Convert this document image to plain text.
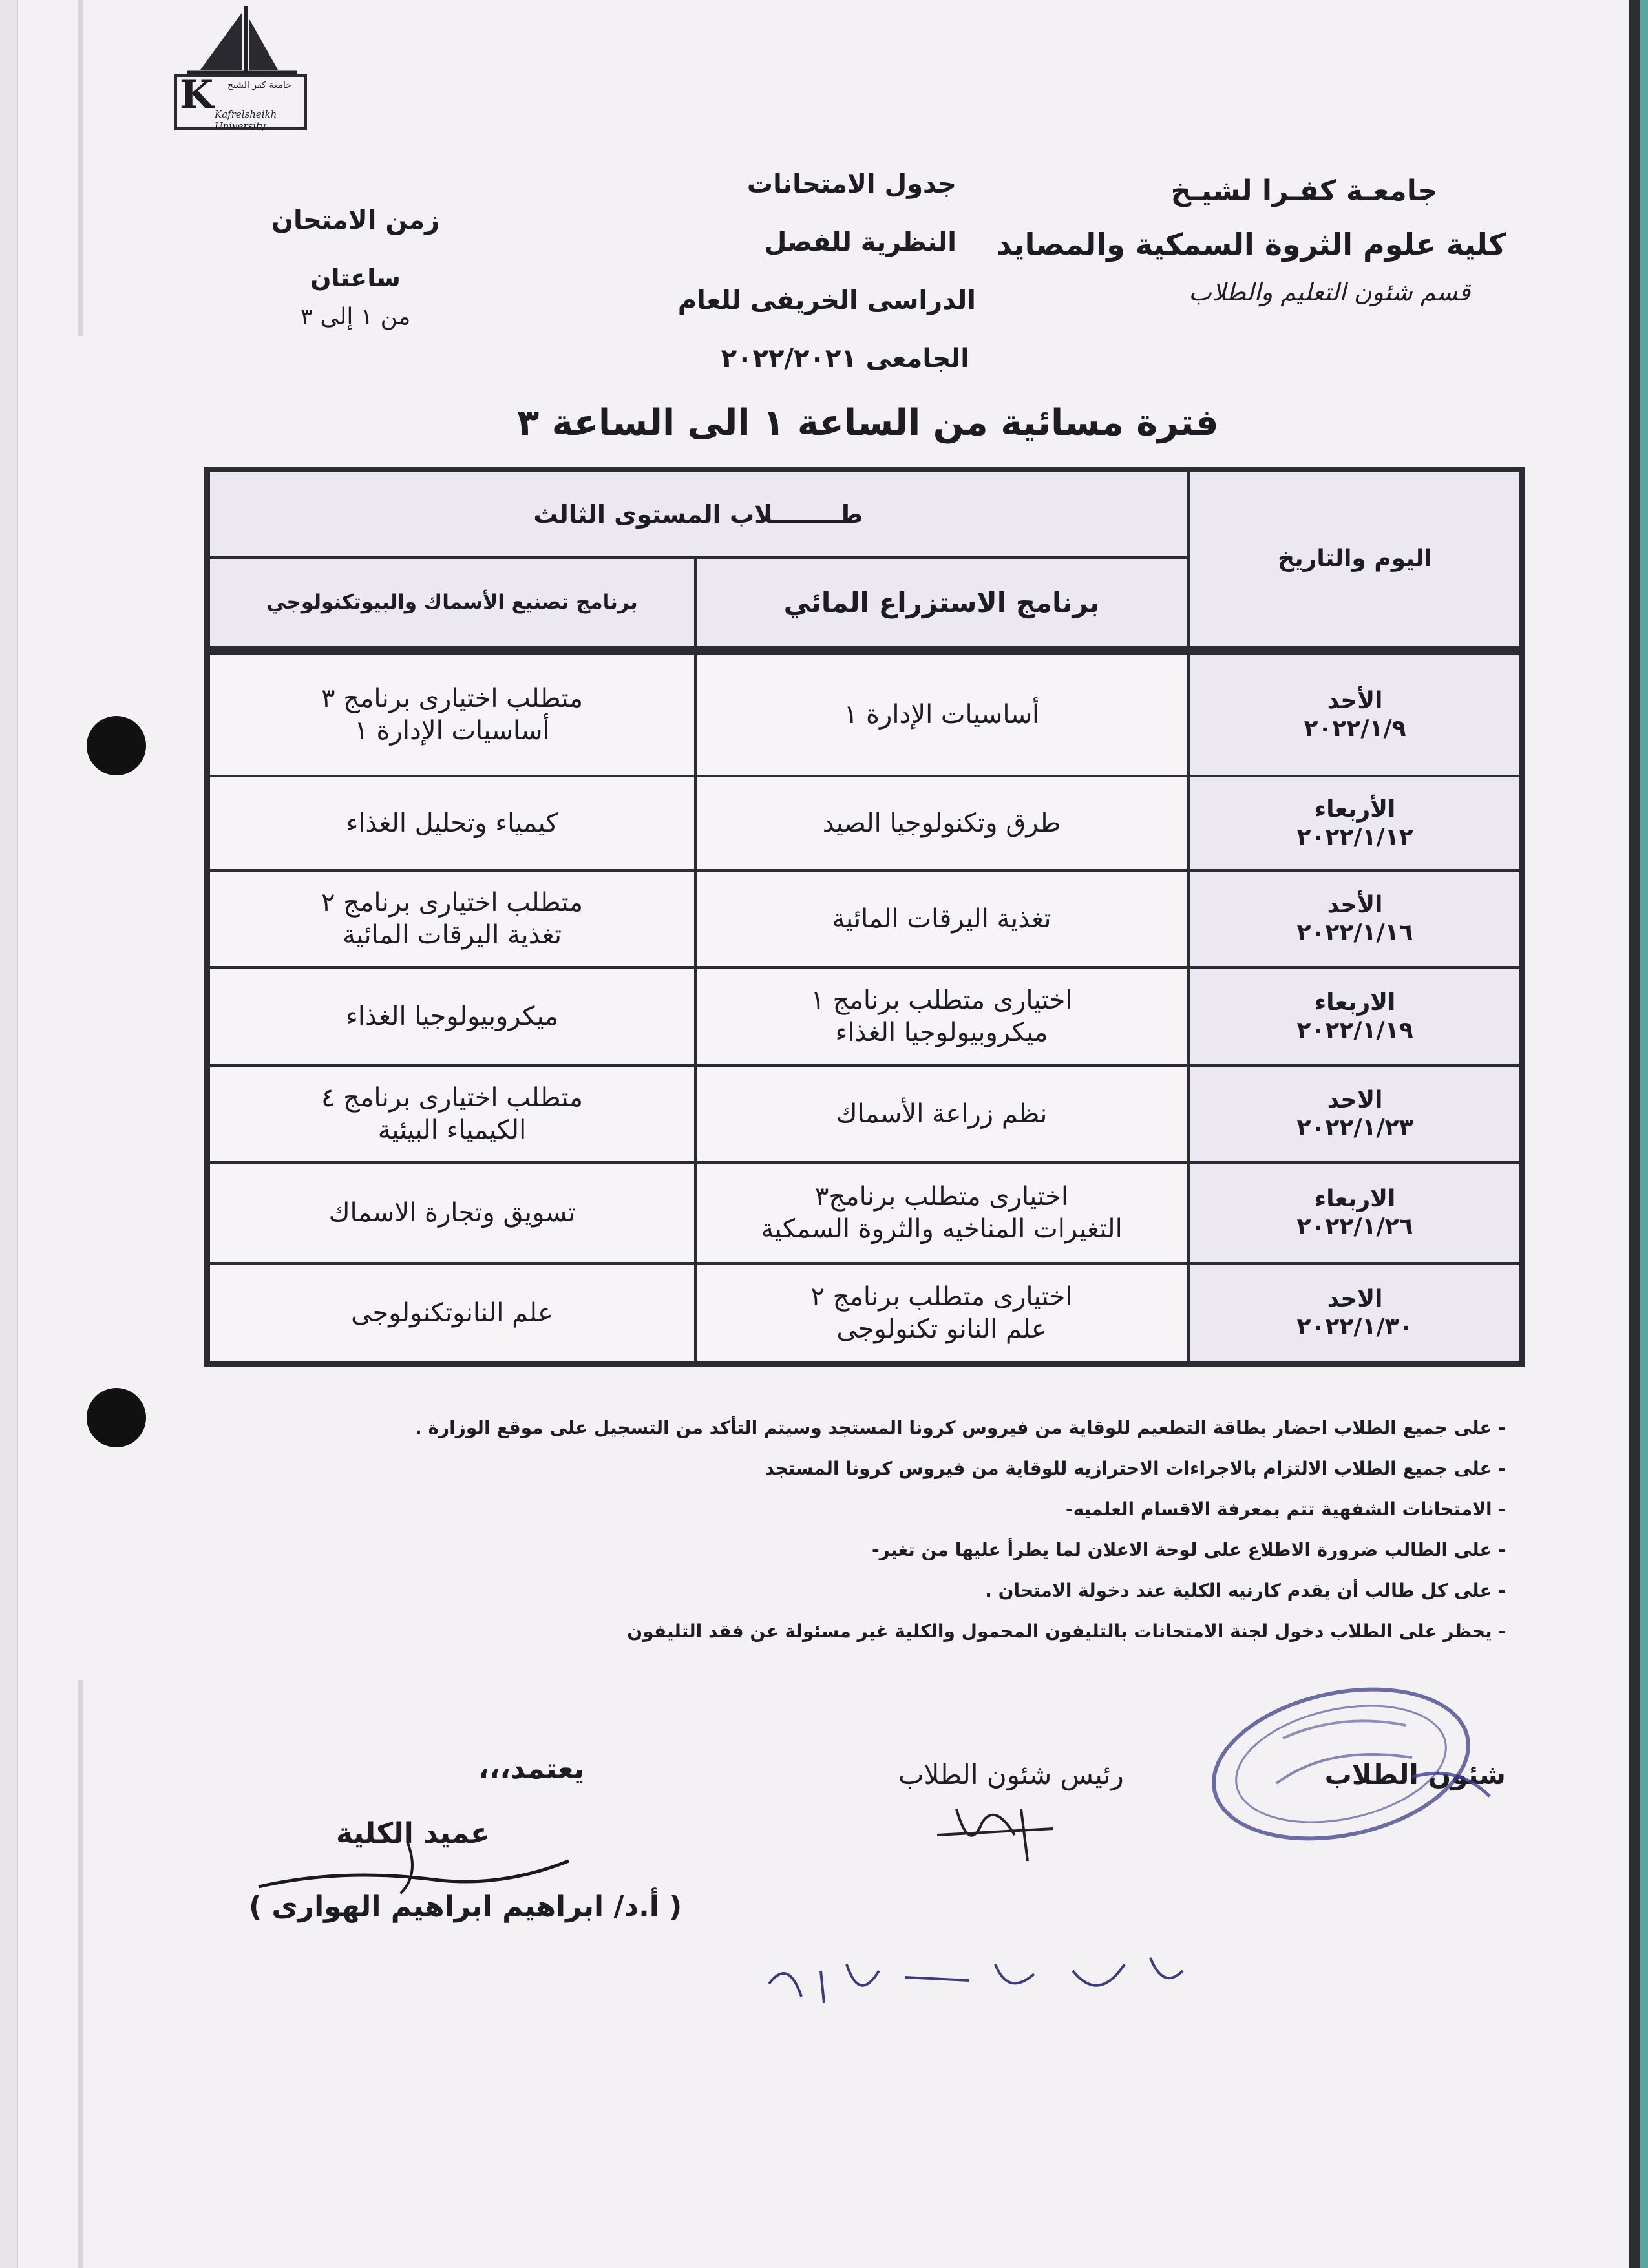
K جامعة كفر الشيخ
Kafrelsheikh University
جامعـة كفـرا لشيـخ
كلية علوم الثروة السمكية والمصايد
قسم شئون التعليم والطلاب
جدول الامتحانات
النظرية للفصل
الدراسى الخريفى للعام
الجامعى ٢٠٢٢/٢٠٢١
زمن الامتحان
ساعتان
من ١ إلى ٣
فترة مسائية من الساعة ١ الى الساعة ٣
اليوم والتاريخ
طــــــــلاب المستوى الثالث
برنامج الاستزراع المائي
برنامج تصنيع الأسماك والبيوتكنولوجي
الأحد
٢٠٢٢/١/٩
أساسيات الإدارة ١
متطلب اختيارى برنامج ٣
أساسيات الإدارة ١
الأربعاء
٢٠٢٢/١/١٢
طرق وتكنولوجيا الصيد
كيمياء وتحليل الغذاء
الأحد
٢٠٢٢/١/١٦
تغذية اليرقات المائية
متطلب اختيارى برنامج ٢
تغذية اليرقات المائية
الاربعاء
٢٠٢٢/١/١٩
اختيارى متطلب برنامج ١
ميكروبيولوجيا الغذاء
ميكروبيولوجيا الغذاء
الاحد
٢٠٢٢/١/٢٣
نظم زراعة الأسماك
متطلب اختيارى برنامج ٤
الكيمياء البيئية
الاربعاء
٢٠٢٢/١/٢٦
اختيارى متطلب برنامج٣
التغيرات المناخيه والثروة السمكية
تسويق وتجارة الاسماك
الاحد
٢٠٢٢/١/٣٠
اختيارى متطلب برنامج ٢
علم النانو تكنولوجى
علم النانوتكنولوجى
- على جميع الطلاب احضار بطاقة التطعيم للوقاية من فيروس كرونا المستجد وسيتم التأكد من التسجيل على موقع الوزارة .
- على جميع الطلاب الالتزام بالاجراءات الاحترازيه للوقاية من فيروس كرونا المستجد
- الامتحانات الشفهية تتم بمعرفة الاقسام العلميه-
- على الطالب ضرورة الاطلاع على لوحة الاعلان لما يطرأ عليها من تغير-
- على كل طالب أن يقدم كارنيه الكلية عند دخولة الامتحان .
- يحظر على الطلاب دخول لجنة الامتحانات بالتليفون المحمول والكلية غير مسئولة عن فقد التليفون
شئون الطلاب
رئيس شئون الطلاب
يعتمد،،،
عميد الكلية
( أ.د/ ابراهيم ابراهيم الهوارى )
